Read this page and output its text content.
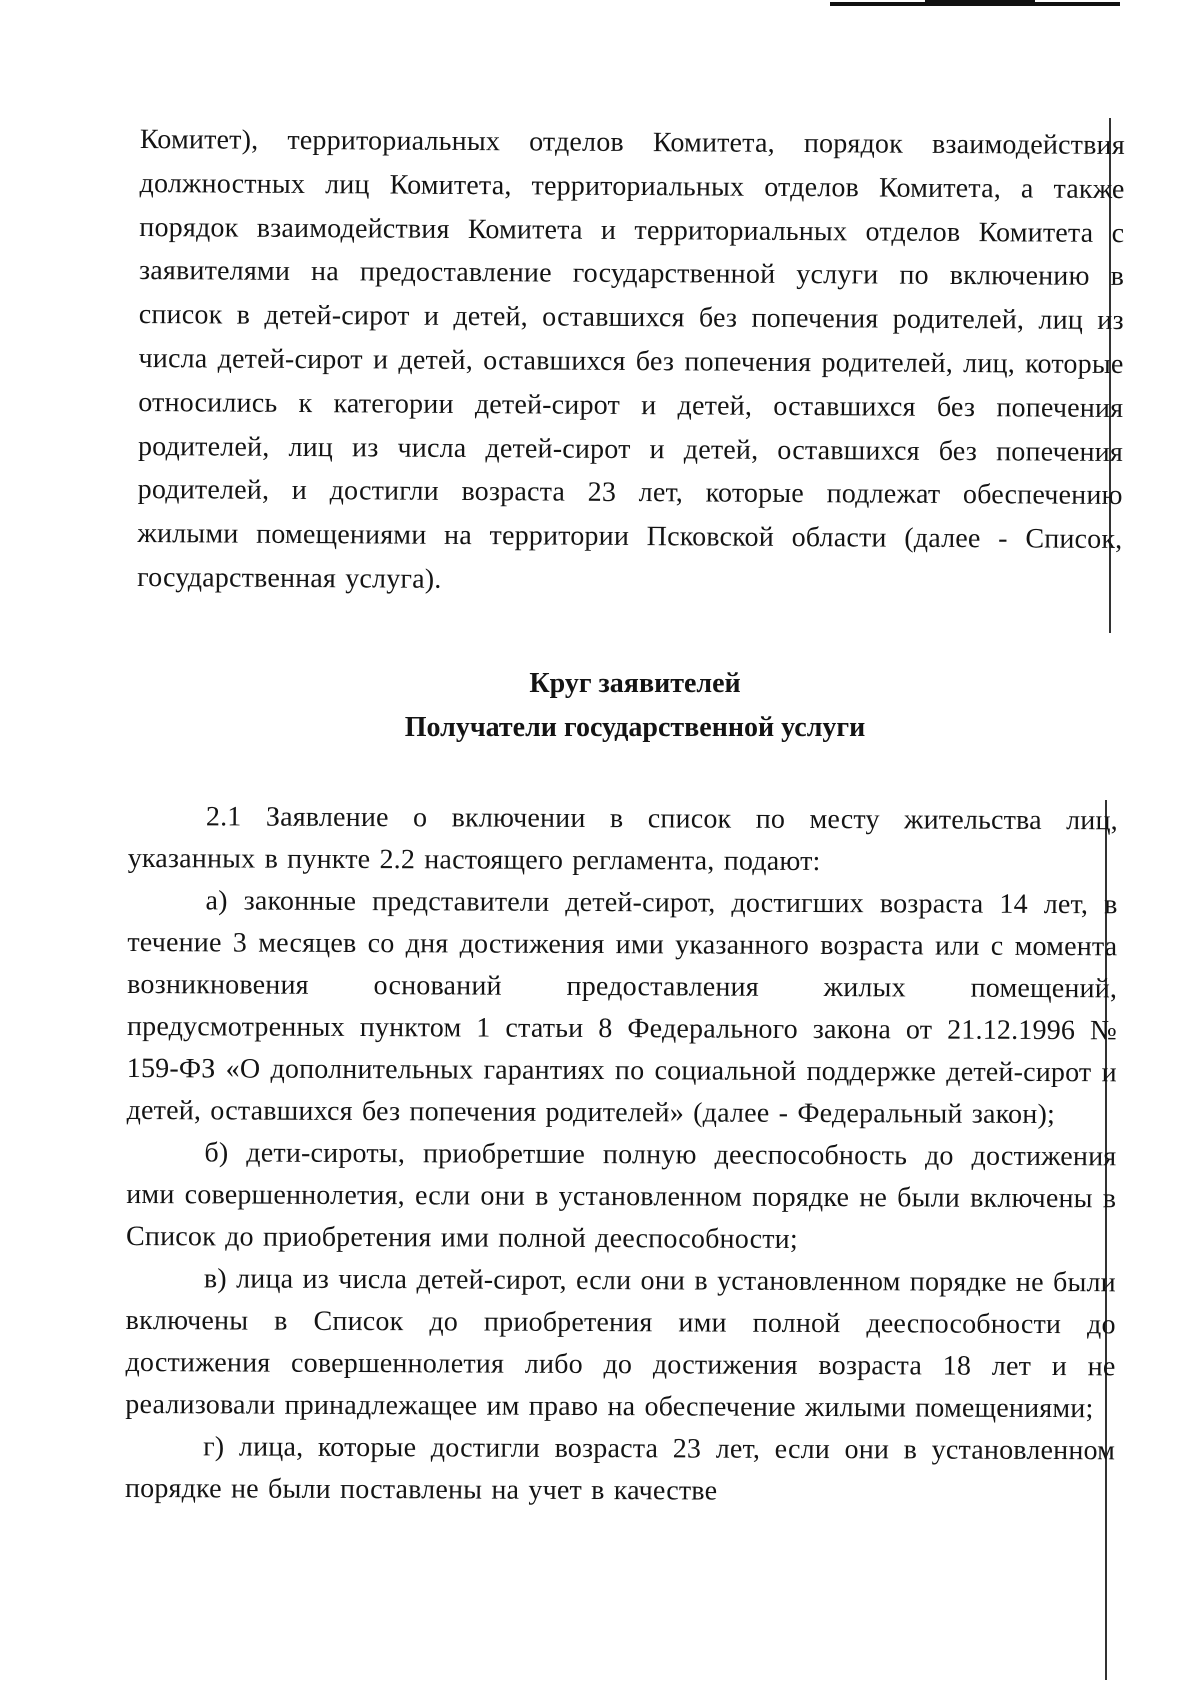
Комитет), территориальных отделов Комитета, порядок взаимодействия должностных лиц Комитета, территориальных отделов Комитета, а также порядок взаимодействия Комитета и территориальных отделов Комитета с заявителями на предоставление государственной услуги по включению в список в детей-сирот и детей, оставшихся без попечения родителей, лиц из числа детей-сирот и детей, оставшихся без попечения родителей, лиц, которые относились к категории детей-сирот и детей, оставшихся без попечения родителей, лиц из числа детей-сирот и детей, оставшихся без попечения родителей, и достигли возраста 23 лет, которые подлежат обеспечению жилыми помещениями на территории Псковской области (далее - Список, государственная услуга).

Круг заявителей
Получатели государственной услуги

2.1 Заявление о включении в список по месту жительства лиц, указанных в пункте 2.2 настоящего регламента, подают:

а) законные представители детей-сирот, достигших возраста 14 лет, в течение 3 месяцев со дня достижения ими указанного возраста или с момента возникновения оснований предоставления жилых помещений, предусмотренных пунктом 1 статьи 8 Федерального закона от 21.12.1996 № 159-ФЗ «О дополнительных гарантиях по социальной поддержке детей-сирот и детей, оставшихся без попечения родителей» (далее - Федеральный закон);

б) дети-сироты, приобретшие полную дееспособность до достижения ими совершеннолетия, если они в установленном порядке не были включены в Список до приобретения ими полной дееспособности;

в) лица из числа детей-сирот, если они в установленном порядке не были включены в Список до приобретения ими полной дееспособности до достижения совершеннолетия либо до достижения возраста 18 лет и не реализовали принадлежащее им право на обеспечение жилыми помещениями;

г) лица, которые достигли возраста 23 лет, если они в установленном порядке не были поставлены на учет в качестве
